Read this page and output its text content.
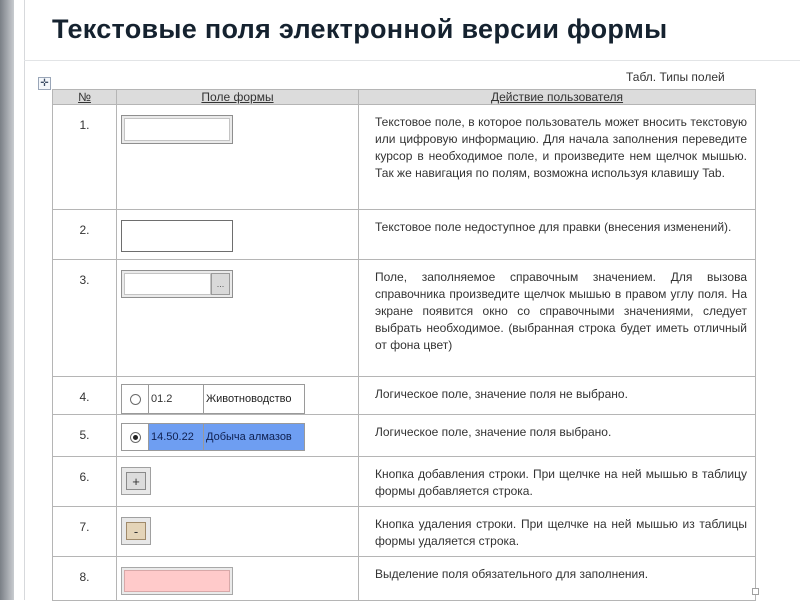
Текстовые поля электронной версии формы
✛	Табл. Типы полей
№	Поле формы	Действие пользователя
1.		Текстовое поле, в которое пользователь может вносить текстовую или цифровую информацию. Для начала заполнения переведите курсор в необходимое поле, и произведите нем щелчок мышью. Так же навигация по полям, возможна используя клавишу Tab.
2.		Текстовое поле недоступное для правки (внесения изменений).
3.	...	Поле, заполняемое справочным значением. Для вызова справочника произведите щелчок мышью в правом углу поля. На экране появится окно со справочными значениями, следует выбрать необходимое. (выбранная строка будет иметь отличный от фона цвет)
4.	01.2 Животноводство	Логическое поле, значение поля не выбрано.
5.	14.50.22 Добыча алмазов	Логическое поле, значение поля выбрано.
6.	+	Кнопка добавления строки. При щелчке на ней мышью в таблицу формы добавляется строка.
7.	-	Кнопка удаления строки. При щелчке на ней мышью из таблицы формы удаляется строка.
8.		Выделение поля обязательного для заполнения.
